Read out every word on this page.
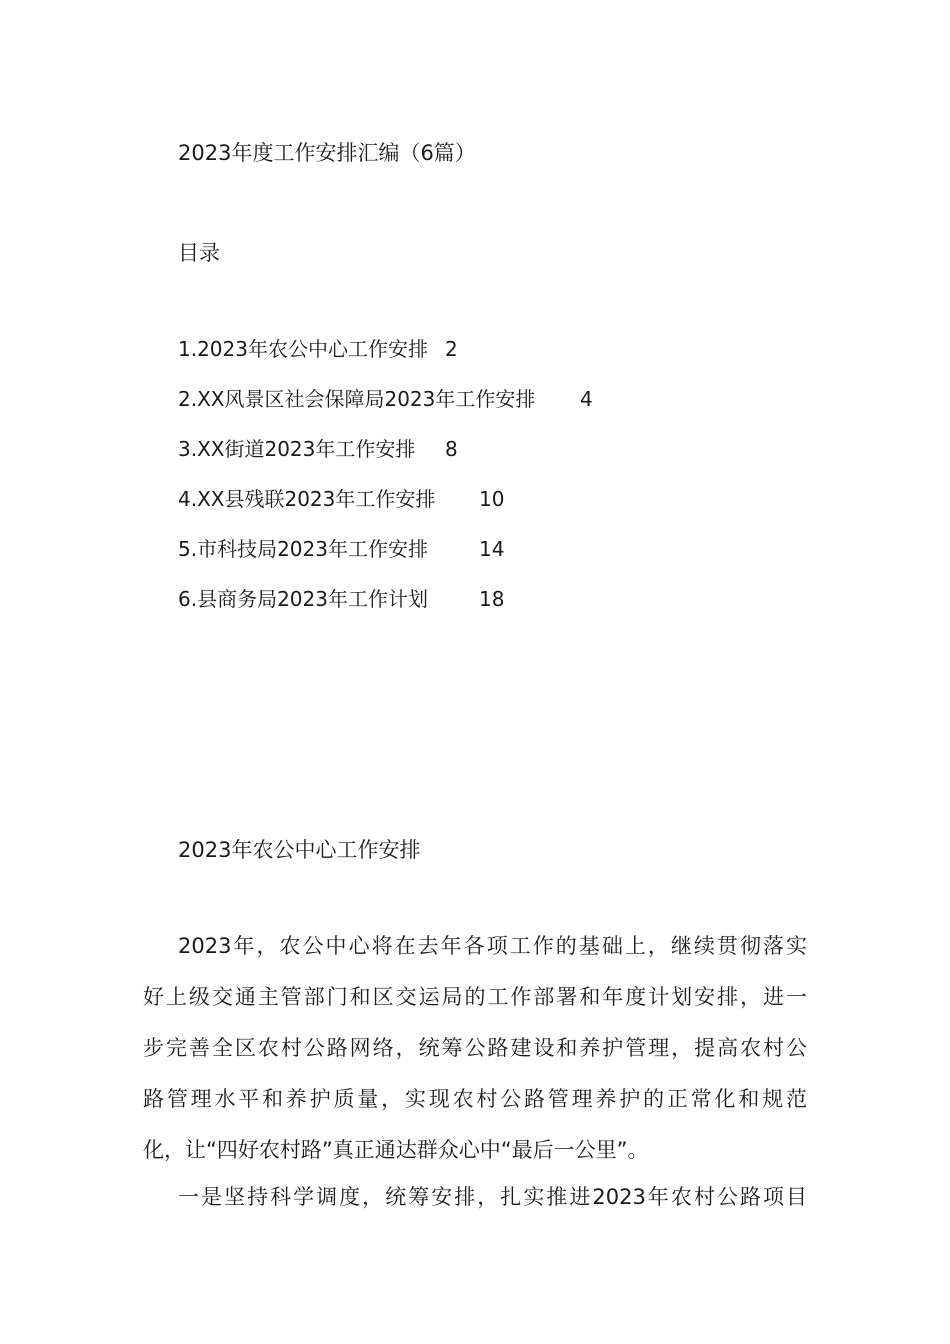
2023年度工作安排汇编（6篇）
目录
1.2023年农公中心工作安排 2
2.XX风景区社会保障局2023年工作安排 4
3.XX街道2023年工作安排 8
4.XX县残联2023年工作安排 10
5.市科技局2023年工作安排	14
6.县商务局2023年工作计划	18
2023年农公中心工作安排
2023年，农公中心将在去年各项工作的基础上，继续贯彻落实
好上级交通主管部门和区交运局的工作部署和年度计划安排，进一
步完善全区农村公路网络，统筹公路建设和养护管理，提高农村公
路管理水平和养护质量，实现农村公路管理养护的正常化和规范
化，让“四好农村路”真正通达群众心中“最后一公里”。
一是坚持科学调度，统筹安排，扎实推进2023年农村公路项目
